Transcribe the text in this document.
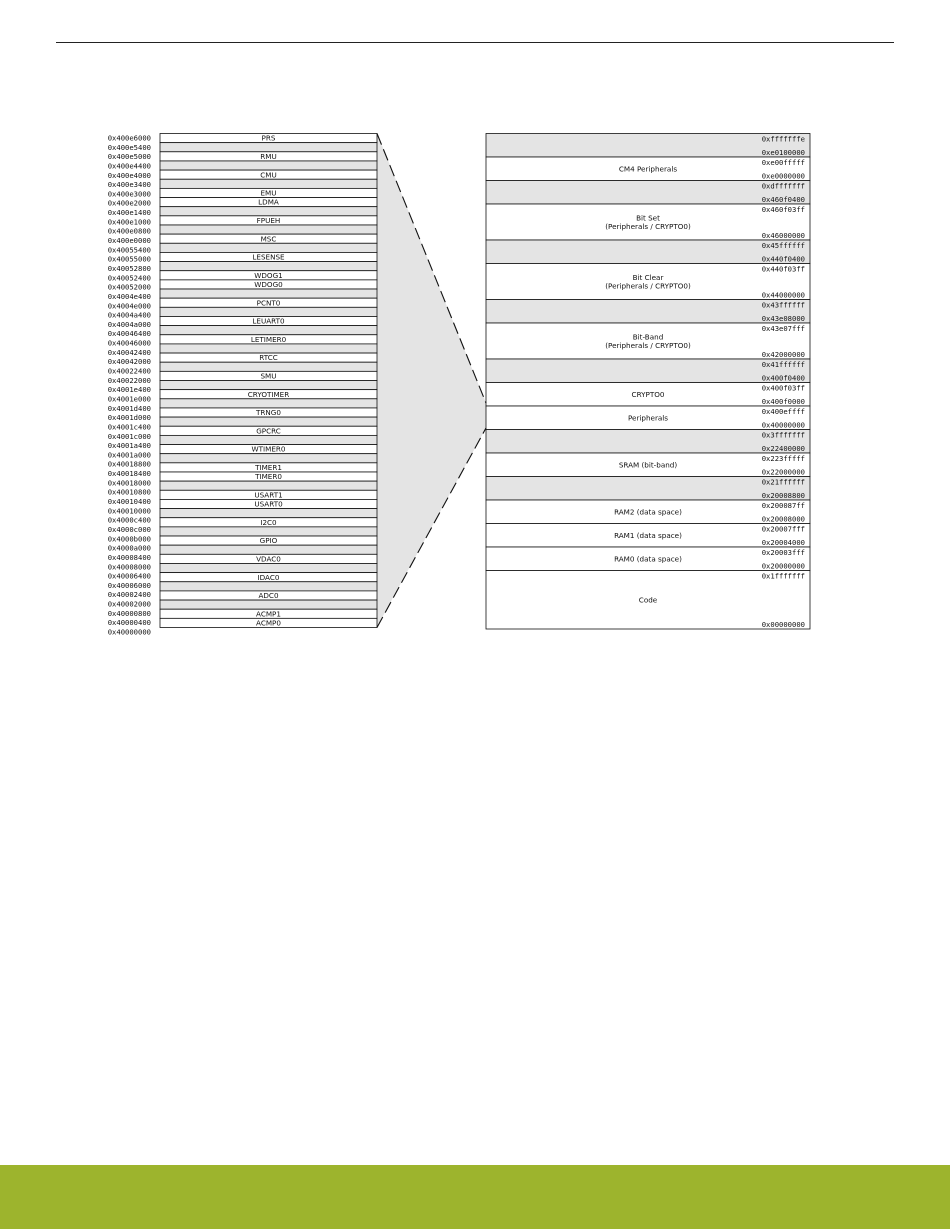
PRS
RMU
CMU
EMU
LDMA
FPUEH
MSC
LESENSE
WDOG1
WDOG0
PCNT0
LEUART0
LETIMER0
RTCC
SMU
CRYOTIMER
TRNG0
GPCRC
WTIMER0
TIMER1
TIMER0
USART1
USART0
I2C0
GPIO
VDAC0
IDAC0
ADC0
ACMP1
ACMP0
0x400e6000
0x400e5400
0x400e5000
0x400e4400
0x400e4000
0x400e3400
0x400e3000
0x400e2000
0x400e1400
0x400e1000
0x400e0800
0x400e0000
0x40055400
0x40055000
0x40052800
0x40052400
0x40052000
0x4004e400
0x4004e000
0x4004a400
0x4004a000
0x40046400
0x40046000
0x40042400
0x40042000
0x40022400
0x40022000
0x4001e400
0x4001e000
0x4001d400
0x4001d000
0x4001c400
0x4001c000
0x4001a400
0x4001a000
0x40018800
0x40018400
0x40018000
0x40010800
0x40010400
0x40010000
0x4000c400
0x4000c000
0x4000b000
0x4000a000
0x40008400
0x40008000
0x40006400
0x40006000
0x40002400
0x40002000
0x40000800
0x40000400
0x40000000
0xfffffffe
0xe0100000
0xe00fffff
0xe0000000
CM4 Peripherals
0xdfffffff
0x460f0400
0x460f03ff
0x46000000
Bit Set
(Peripherals / CRYPTO0)
0x45ffffff
0x440f0400
0x440f03ff
0x44000000
Bit Clear
(Peripherals / CRYPTO0)
0x43ffffff
0x43e08000
0x43e07fff
0x42000000
Bit-Band
(Peripherals / CRYPTO0)
0x41ffffff
0x400f0400
0x400f03ff
0x400f0000
CRYPTO0
0x400effff
0x40000000
Peripherals
0x3fffffff
0x22400000
0x223fffff
0x22000000
SRAM (bit-band)
0x21ffffff
0x20008800
0x200087ff
0x20008000
RAM2 (data space)
0x20007fff
0x20004000
RAM1 (data space)
0x20003fff
0x20000000
RAM0 (data space)
0x1fffffff
0x00000000
Code
